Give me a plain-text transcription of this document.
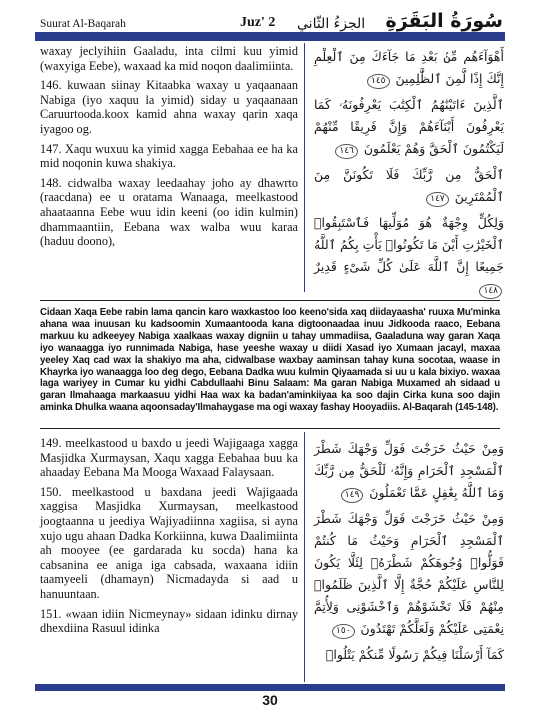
Suurat Al-Baqarah	Juz' 2 الجزءُ الثّاني سُورَةُ البَقَرَةِ

waxay jeclyihiin Gaaladu, inta cilmi kuu yimid (waxyiga Eebe), waxaad ka mid noqon daalimiinta.

146. kuwaan siinay Kitaabka waxay u yaqaanaan Nabiga (iyo xaquu la yimid) siday u yaqaanaan Caruurtooda.koox kamid ahna waxay qarin xaqa iyagoo og.

147. Xaqu wuxuu ka yimid xagga Eebahaa ee ha ka mid noqonin kuwa shakiya.

148. cidwalba waxay leedaahay joho ay dhawrto (raacdana) ee u oratama Wanaaga, meelkastood ahaataanna Eebe wuu idin keeni (oo idin kulmin) dhammaantiin, Eebana wax walba wuu karaa (haduu doono),

أَهْوَآءَهُم مِّنۢ بَعْدِ مَا جَآءَكَ مِنَ ٱلْعِلْمِ إِنَّكَ إِذًا لَّمِنَ ٱلظَّٰلِمِينَ ١٤٥

ٱلَّذِينَ ءَاتَيْنَٰهُمُ ٱلْكِتَٰبَ يَعْرِفُونَهُۥ كَمَا يَعْرِفُونَ أَبْنَآءَهُمْ وَإِنَّ فَرِيقًا مِّنْهُمْ لَيَكْتُمُونَ ٱلْحَقَّ وَهُمْ يَعْلَمُونَ ١٤٦

ٱلْحَقُّ مِن رَّبِّكَ فَلَا تَكُونَنَّ مِنَ ٱلْمُمْتَرِينَ ١٤٧

وَلِكُلٍّ وِجْهَةٌ هُوَ مُوَلِّيهَا فَٱسْتَبِقُوا۟ ٱلْخَيْرَٰتِ أَيْنَ مَا تَكُونُوا۟ يَأْتِ بِكُمُ ٱللَّهُ جَمِيعًا إِنَّ ٱللَّهَ عَلَىٰ كُلِّ شَىْءٍ قَدِيرٌ ١٤٨

Cidaan Xaqa Eebe rabin lama qancin karo waxkastoo loo keeno'sida xaq diidayaasha' ruuxa Mu'minka ahana waa inuusan ku kadsoomin Xumaantooda kana digtoonaadaa inuu Jidkooda raaco, Eebana markuu ku adkeeyey Nabiga xaalkaas waxay digniin u tahay ummadiisa, Gaaladuna way garan Xaqa iyo wanaagga iyo runnimada Nabiga, hase yeeshe waxay u diidi Xasad iyo Xumaan jacayl, maxaa yeeley Xaq cad wax la shakiyo ma aha, cidwalbase waxbay aaminsan tahay kuna socotaa, waase in Khayrka iyo wanaagga loo deg dego, Eebana Dadka wuu kulmin Qiyaamada si uu u kala bixiyo. waxaa laga wariyey in Cumar ku yidhi Cabdullaahi Binu Salaam: Ma garan Nabiga Muxamed ah sidaad u garan Ilmahaaga markaasuu yidhi Haa wax ka badan'aminkiiyaa ka soo dajin Cirka kuna soo dajin aminka Dhulka waana aqoonsaday'Ilmahaygase ma ogi waxay fashay Hooyadiis. Al-Baqarah (145-148).

149. meelkastood u baxdo u jeedi Wajigaaga xagga Masjidka Xurmaysan, Xaqu xagga Eebahaa buu ka ahaaday Eebana Ma Mooga Waxaad Falaysaan.

150. meelkastood u baxdana jeedi Wajigaada xaggisa Masjidka Xurmaysan, meelkastood joogtaanna u jeediya Wajiyadiinna xagiisa, si ayna xujo ugu ahaan Dadka Korkiinna, kuwa Daalimiinta ah mooyee (ee gardarada ku socda) hana ka cabsanina ee aniga iga cabsada, waxaana idiin taamyeeli (dhamayn) Nicmadayda si aad u hanuuntaan.

151. «waan idiin Nicmeynay» sidaan idinku dirnay dhexdiina Rasuul idinka

وَمِنْ حَيْثُ خَرَجْتَ فَوَلِّ وَجْهَكَ شَطْرَ ٱلْمَسْجِدِ ٱلْحَرَامِ وَإِنَّهُۥ لَلْحَقُّ مِن رَّبِّكَ وَمَا ٱللَّهُ بِغَٰفِلٍ عَمَّا تَعْمَلُونَ ١٤٩

وَمِنْ حَيْثُ خَرَجْتَ فَوَلِّ وَجْهَكَ شَطْرَ ٱلْمَسْجِدِ ٱلْحَرَامِ وَحَيْثُ مَا كُنتُمْ فَوَلُّوا۟ وُجُوهَكُمْ شَطْرَهُۥ لِئَلَّا يَكُونَ لِلنَّاسِ عَلَيْكُمْ حُجَّةٌ إِلَّا ٱلَّذِينَ ظَلَمُوا۟ مِنْهُمْ فَلَا تَخْشَوْهُمْ وَٱخْشَوْنِى وَلِأُتِمَّ نِعْمَتِى عَلَيْكُمْ وَلَعَلَّكُمْ تَهْتَدُونَ ١٥٠

كَمَآ أَرْسَلْنَا فِيكُمْ رَسُولًا مِّنكُمْ يَتْلُوا۟

30
